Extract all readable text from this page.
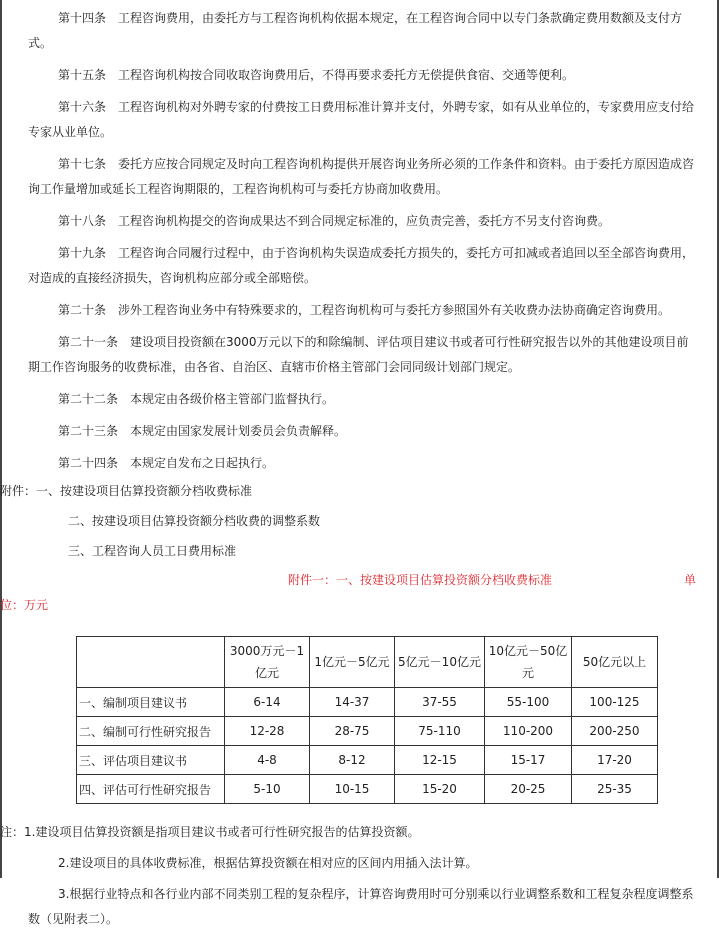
第十四条　工程咨询费用，由委托方与工程咨询机构依据本规定，在工程咨询合同中以专门条款确定费用数额及支付方式。

第十五条　工程咨询机构按合同收取咨询费用后，不得再要求委托方无偿提供食宿、交通等便利。

第十六条　工程咨询机构对外聘专家的付费按工日费用标准计算并支付，外聘专家，如有从业单位的，专家费用应支付给专家从业单位。

第十七条　委托方应按合同规定及时向工程咨询机构提供开展咨询业务所必须的工作条件和资料。由于委托方原因造成咨询工作量增加或延长工程咨询期限的，工程咨询机构可与委托方协商加收费用。

第十八条　工程咨询机构提交的咨询成果达不到合同规定标准的，应负责完善，委托方不另支付咨询费。

第十九条　工程咨询合同履行过程中，由于咨询机构失误造成委托方损失的，委托方可扣减或者追回以至全部咨询费用，对造成的直接经济损失，咨询机构应部分或全部赔偿。

第二十条　涉外工程咨询业务中有特殊要求的，工程咨询机构可与委托方参照国外有关收费办法协商确定咨询费用。

第二十一条　建设项目投资额在3000万元以下的和除编制、评估项目建议书或者可行性研究报告以外的其他建设项目前期工作咨询服务的收费标准，由各省、自治区、直辖市价格主管部门会同同级计划部门规定。

第二十二条　本规定由各级价格主管部门监督执行。

第二十三条　本规定由国家发展计划委员会负责解释。

第二十四条　本规定自发布之日起执行。

附件：一、按建设项目估算投资额分档收费标准

二、按建设项目估算投资额分档收费的调整系数

三、工程咨询人员工日费用标准

附件一：一、按建设项目估算投资额分档收费标准	单

位：万元

	3000万元－1亿元	1亿元－5亿元	5亿元－10亿元	10亿元－50亿元	50亿元以上
一、编制项目建议书	6-14	14-37	37-55	55-100	100-125
二、编制可行性研究报告	12-28	28-75	75-110	110-200	200-250
三、评估项目建议书	4-8	8-12	12-15	15-17	17-20
四、评估可行性研究报告	5-10	10-15	15-20	20-25	25-35

注：1.建设项目估算投资额是指项目建议书或者可行性研究报告的估算投资额。

2.建设项目的具体收费标准，根据估算投资额在相对应的区间内用插入法计算。

3.根据行业特点和各行业内部不同类别工程的复杂程序，计算咨询费用时可分别乘以行业调整系数和工程复杂程度调整系数（见附表二）。
